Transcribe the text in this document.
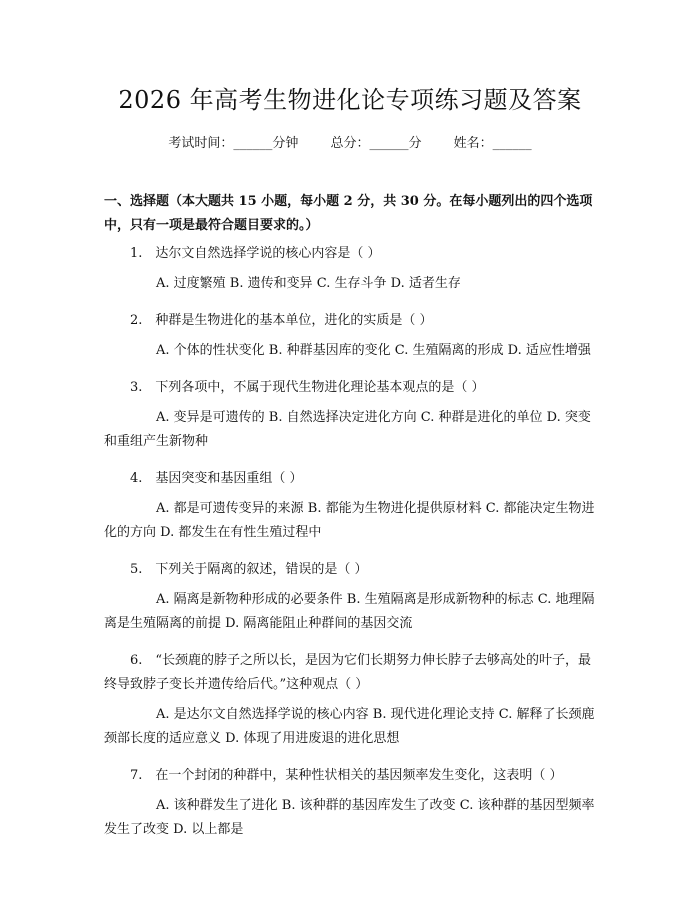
2026 年高考生物进化论专项练习题及答案
考试时间：______分钟 总分：______分 姓名：______

一、选择题（本大题共 15 小题，每小题 2 分，共 30 分。在每小题列出的四个选项中，只有一项是最符合题目要求的。）

1.　达尔文自然选择学说的核心内容是（ ）

A. 过度繁殖 B. 遗传和变异 C. 生存斗争 D. 适者生存

2.　种群是生物进化的基本单位，进化的实质是（ ）

A. 个体的性状变化 B. 种群基因库的变化 C. 生殖隔离的形成 D. 适应性增强

3.　下列各项中，不属于现代生物进化理论基本观点的是（ ）

A. 变异是可遗传的 B. 自然选择决定进化方向 C. 种群是进化的单位 D. 突变和重组产生新物种

4.　基因突变和基因重组（ ）

A. 都是可遗传变异的来源 B. 都能为生物进化提供原材料 C. 都能决定生物进化的方向 D. 都发生在有性生殖过程中

5.　下列关于隔离的叙述，错误的是（ ）

A. 隔离是新物种形成的必要条件 B. 生殖隔离是形成新物种的标志 C. 地理隔离是生殖隔离的前提 D. 隔离能阻止种群间的基因交流

6.　“长颈鹿的脖子之所以长，是因为它们长期努力伸长脖子去够高处的叶子，最终导致脖子变长并遗传给后代。”这种观点（ ）

A. 是达尔文自然选择学说的核心内容 B. 现代进化理论支持 C. 解释了长颈鹿颈部长度的适应意义 D. 体现了用进废退的进化思想

7.　在一个封闭的种群中，某种性状相关的基因频率发生变化，这表明（ ）

A. 该种群发生了进化 B. 该种群的基因库发生了改变 C. 该种群的基因型频率发生了改变 D. 以上都是
